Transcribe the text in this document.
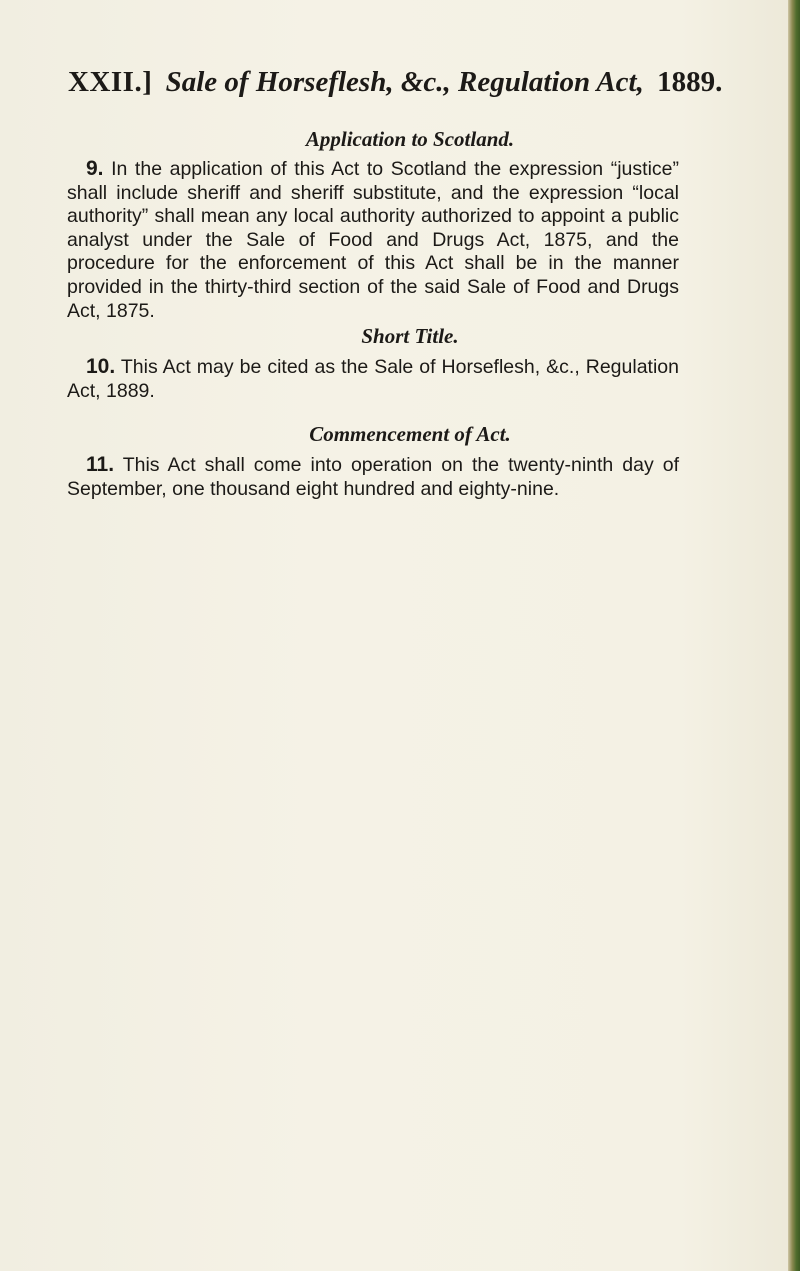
XXII.] Sale of Horseflesh, &c., Regulation Act, 1889.
Application to Scotland.
9. In the application of this Act to Scotland the expression “justice” shall include sheriff and sheriff substitute, and the expression “local authority” shall mean any local authority authorized to appoint a public analyst under the Sale of Food and Drugs Act, 1875, and the procedure for the enforcement of this Act shall be in the manner provided in the thirty-third section of the said Sale of Food and Drugs Act, 1875.
Short Title.
10. This Act may be cited as the Sale of Horseflesh, &c., Regulation Act, 1889.
Commencement of Act.
11. This Act shall come into operation on the twenty-ninth day of September, one thousand eight hundred and eighty-nine.
